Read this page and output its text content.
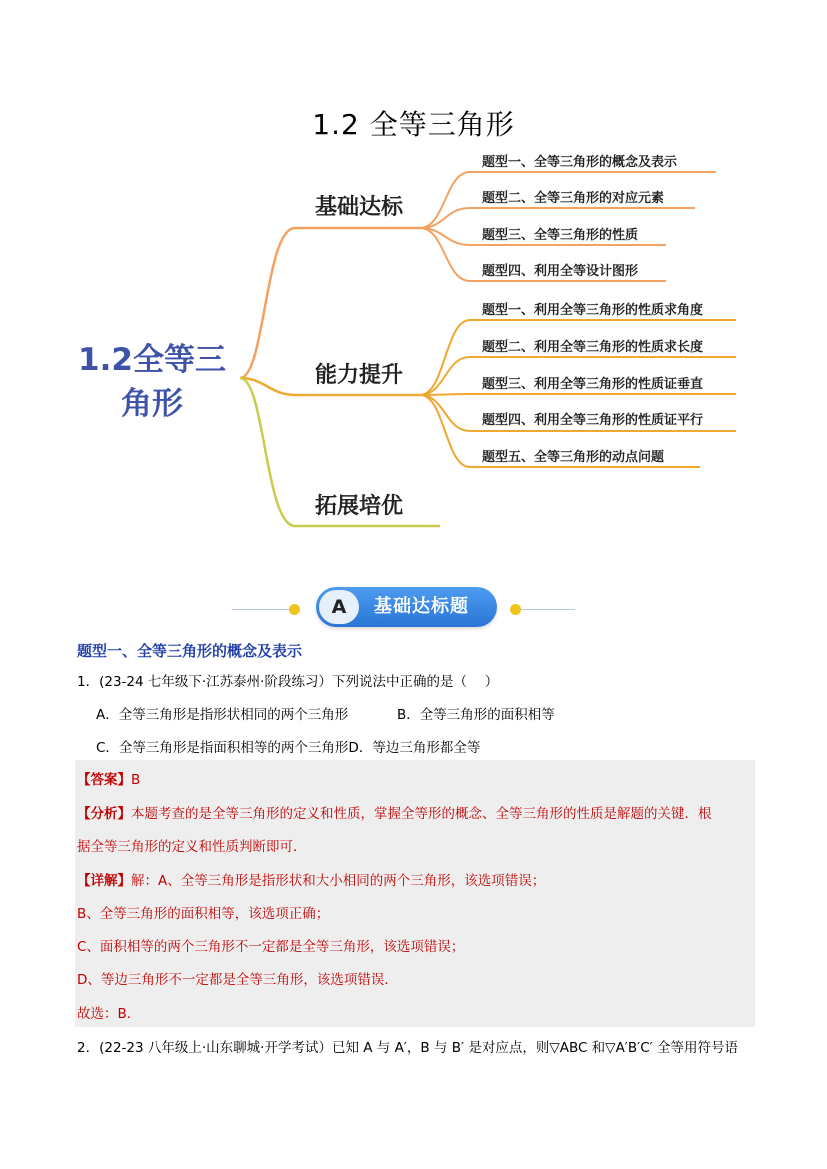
1.2 全等三角形
1.2全等三
角形
基础达标
能力提升
拓展培优
题型一、全等三角形的概念及表示
题型二、全等三角形的对应元素
题型三、全等三角形的性质
题型四、利用全等设计图形
题型一、利用全等三角形的性质求角度
题型二、利用全等三角形的性质求长度
题型三、利用全等三角形的性质证垂直
题型四、利用全等三角形的性质证平行
题型五、全等三角形的动点问题
A	基础达标题
题型一、全等三角形的概念及表示
1．(23-24 七年级下·江苏泰州·阶段练习）下列说法中正确的是（　 ）
A．全等三角形是指形状相同的两个三角形	B．全等三角形的面积相等
C．全等三角形是指面积相等的两个三角形D．等边三角形都全等
【答案】B
【分析】本题考查的是全等三角形的定义和性质，掌握全等形的概念、全等三角形的性质是解题的关键．根
据全等三角形的定义和性质判断即可．
【详解】解：A、全等三角形是指形状和大小相同的两个三角形，该选项错误；
B、全等三角形的面积相等，该选项正确；
C、面积相等的两个三角形不一定都是全等三角形，该选项错误；
D、等边三角形不一定都是全等三角形，该选项错误．
故选：B．
2．(22-23 八年级上·山东聊城·开学考试）已知 A 与 A′，B 与 B′ 是对应点，则▽ABC 和▽A′B′C′ 全等用符号语
